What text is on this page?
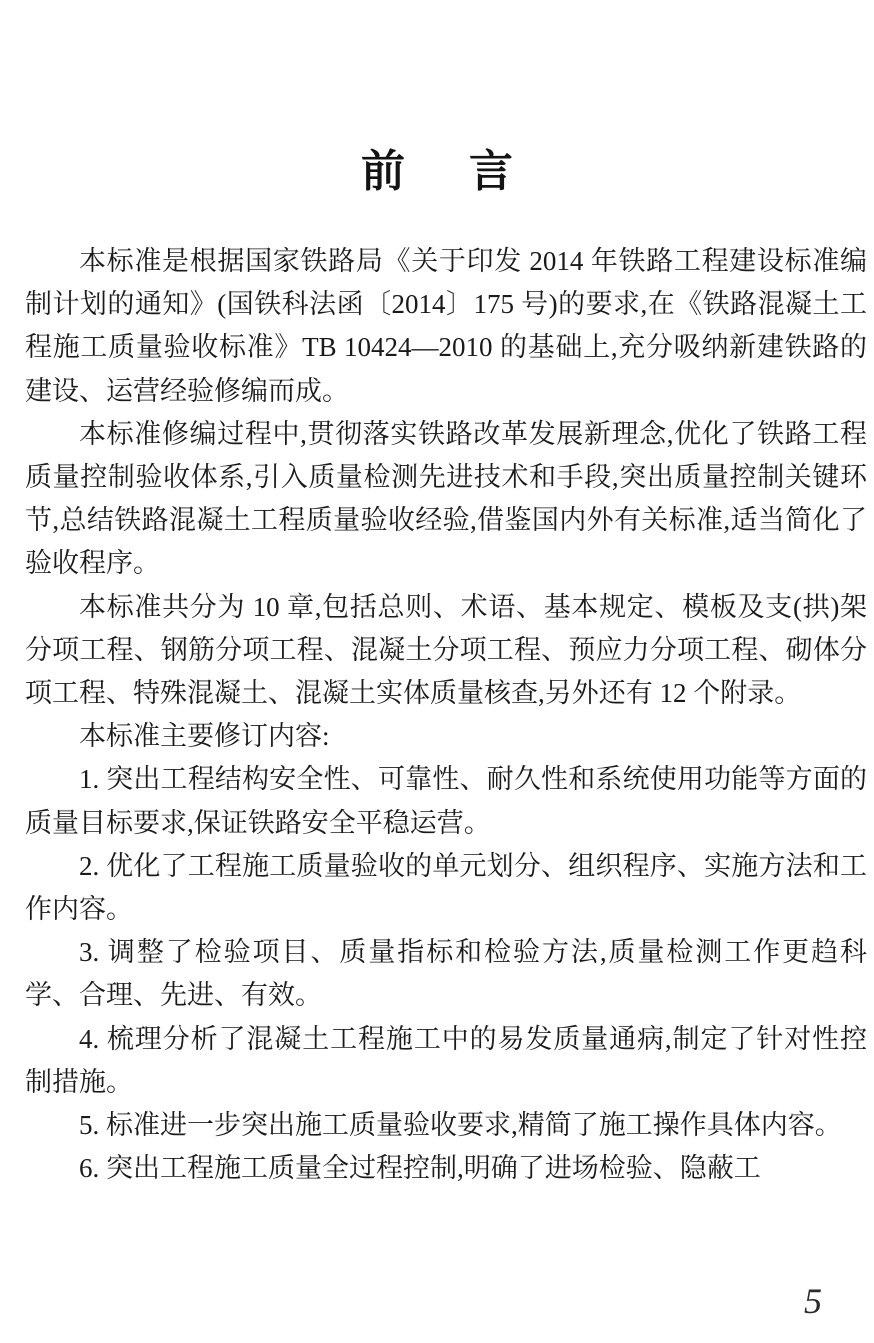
前　言

本标准是根据国家铁路局《关于印发 2014 年铁路工程建设标准编制计划的通知》(国铁科法函〔2014〕175 号)的要求,在《铁路混凝土工程施工质量验收标准》TB 10424—2010 的基础上,充分吸纳新建铁路的建设、运营经验修编而成。

本标准修编过程中,贯彻落实铁路改革发展新理念,优化了铁路工程质量控制验收体系,引入质量检测先进技术和手段,突出质量控制关键环节,总结铁路混凝土工程质量验收经验,借鉴国内外有关标准,适当简化了验收程序。

本标准共分为 10 章,包括总则、术语、基本规定、模板及支(拱)架分项工程、钢筋分项工程、混凝土分项工程、预应力分项工程、砌体分项工程、特殊混凝土、混凝土实体质量核查,另外还有 12 个附录。

本标准主要修订内容:

1. 突出工程结构安全性、可靠性、耐久性和系统使用功能等方面的质量目标要求,保证铁路安全平稳运营。

2. 优化了工程施工质量验收的单元划分、组织程序、实施方法和工作内容。

3. 调整了检验项目、质量指标和检验方法,质量检测工作更趋科学、合理、先进、有效。

4. 梳理分析了混凝土工程施工中的易发质量通病,制定了针对性控制措施。

5. 标准进一步突出施工质量验收要求,精简了施工操作具体内容。

6. 突出工程施工质量全过程控制,明确了进场检验、隐蔽工

5
